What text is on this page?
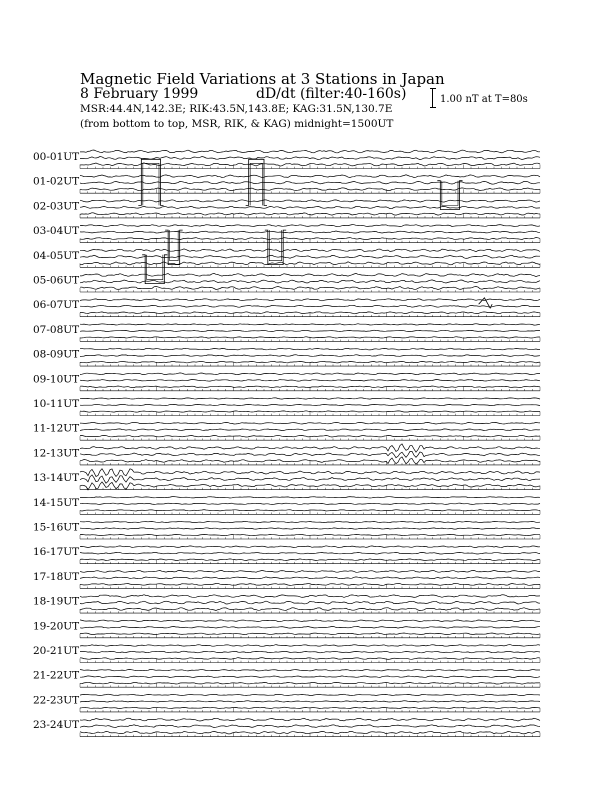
Magnetic Field Variations at 3 Stations in Japan
8 February 1999	dD/dt (filter:40-160s)
MSR:44.4N,142.3E; RIK:43.5N,143.8E; KAG:31.5N,130.7E
(from bottom to top, MSR, RIK, & KAG) midnight=1500UT
1.00 nT at T=80s
00-01UT
01-02UT
02-03UT
03-04UT
04-05UT
05-06UT
06-07UT
07-08UT
08-09UT
09-10UT
10-11UT
11-12UT
12-13UT
13-14UT
14-15UT
15-16UT
16-17UT
17-18UT
18-19UT
19-20UT
20-21UT
21-22UT
22-23UT
23-24UT
